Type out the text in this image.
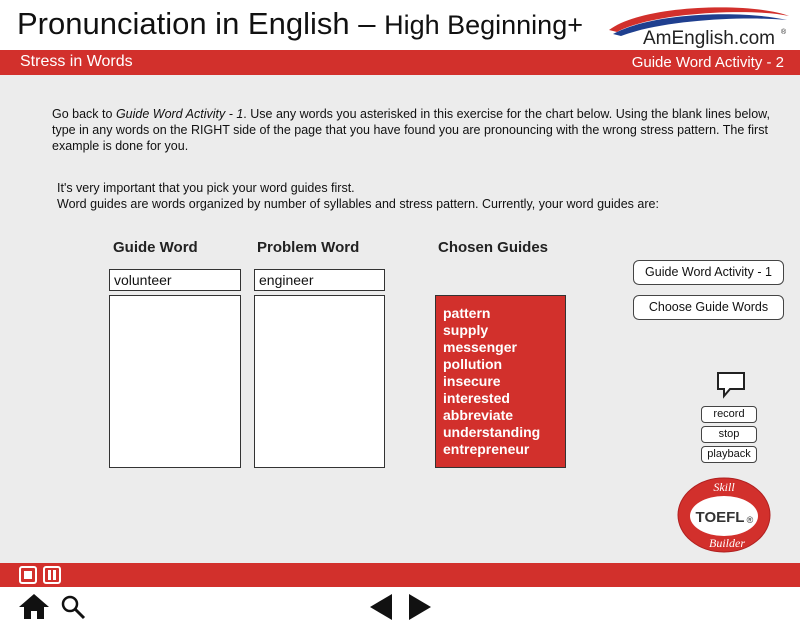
Pronunciation in English – High Beginning+	AmEnglish.com ®
Stress in Words	Guide Word Activity - 2
Go back to Guide Word Activity - 1. Use any words you asterisked in this exercise for the chart below. Using the blank lines below, type in any words on the RIGHT side of the page that you have found you are pronouncing with the wrong stress pattern. The first example is done for you.
It's very important that you pick your word guides first.
Word guides are words organized by number of syllables and stress pattern. Currently, your word guides are:
Guide Word	Problem Word	Chosen Guides
volunteer	engineer
pattern
supply
messenger
pollution
insecure
interested
abbreviate
understanding
entrepreneur
Guide Word Activity - 1
Choose Guide Words
record
stop
playback
Skill
TOEFL ®
Builder
